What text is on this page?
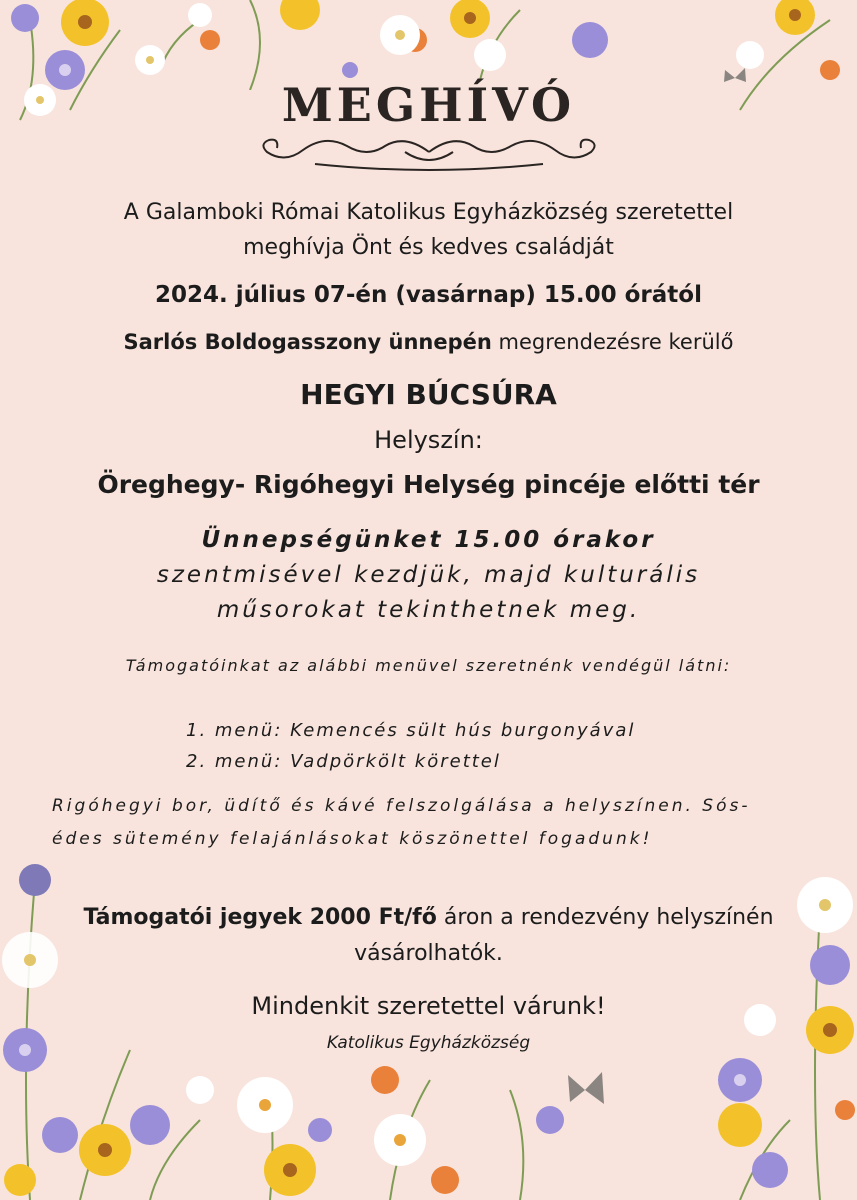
MEGHÍVÓ
A Galamboki Római Katolikus Egyházközség szeretettel
meghívja Önt és kedves családját
2024. július 07-én (vasárnap) 15.00 órától
Sarlós Boldogasszony ünnepén megrendezésre kerülő
HEGYI BÚCSÚRA
Helyszín:
Öreghegy- Rigóhegyi Helység pincéje előtti tér
Ünnepségünket 15.00 órakor
szentmisével kezdjük, majd kulturális
műsorokat tekinthetnek meg.
Támogatóinkat az alábbi menüvel szeretnénk vendégül látni:
1. menü: Kemencés sült hús burgonyával
2. menü: Vadpörkölt körettel
Rigóhegyi bor, üdítő és kávé felszolgálása a helyszínen. Sós-
édes sütemény felajánlásokat köszönettel fogadunk!
Támogatói jegyek 2000 Ft/fő áron a rendezvény helyszínén
vásárolhatók.
Mindenkit szeretettel várunk!
Katolikus Egyházközség
